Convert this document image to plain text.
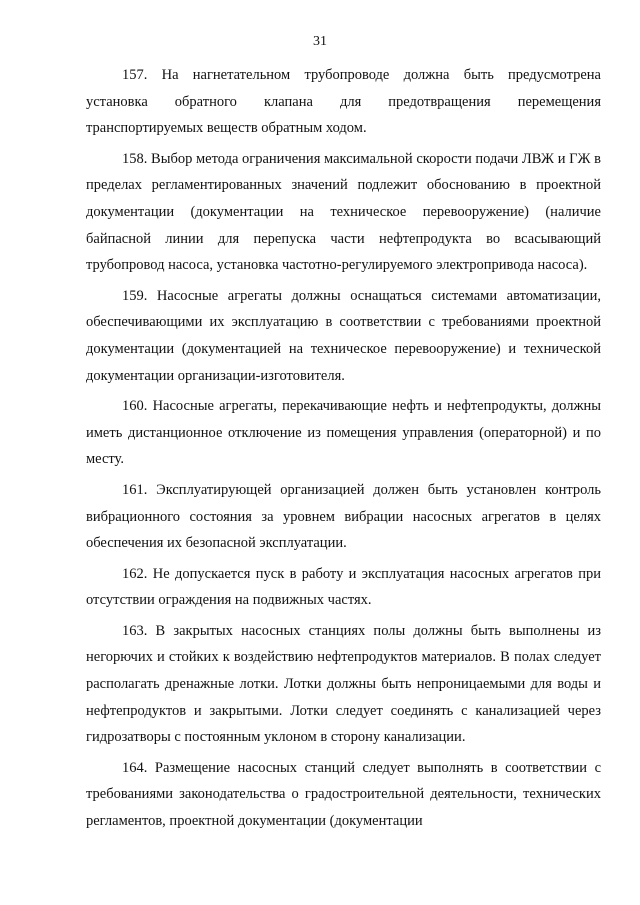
31

157. На нагнетательном трубопроводе должна быть предусмотрена установка обратного клапана для предотвращения перемещения транспортируемых веществ обратным ходом.

158. Выбор метода ограничения максимальной скорости подачи ЛВЖ и ГЖ в пределах регламентированных значений подлежит обоснованию в проектной документации (документации на техническое перевооружение) (наличие байпасной линии для перепуска части нефтепродукта во всасывающий трубопровод насоса, установка частотно-регулируемого электропривода насоса).

159. Насосные агрегаты должны оснащаться системами автоматизации, обеспечивающими их эксплуатацию в соответствии с требованиями проектной документации (документацией на техническое перевооружение) и технической документации организации-изготовителя.

160. Насосные агрегаты, перекачивающие нефть и нефтепродукты, должны иметь дистанционное отключение из помещения управления (операторной) и по месту.

161. Эксплуатирующей организацией должен быть установлен контроль вибрационного состояния за уровнем вибрации насосных агрегатов в целях обеспечения их безопасной эксплуатации.

162. Не допускается пуск в работу и эксплуатация насосных агрегатов при отсутствии ограждения на подвижных частях.

163. В закрытых насосных станциях полы должны быть выполнены из негорючих и стойких к воздействию нефтепродуктов материалов. В полах следует располагать дренажные лотки. Лотки должны быть непроницаемыми для воды и нефтепродуктов и закрытыми. Лотки следует соединять с канализацией через гидрозатворы с постоянным уклоном в сторону канализации.

164. Размещение насосных станций следует выполнять в соответствии с требованиями законодательства о градостроительной деятельности, технических регламентов, проектной документации (документации
